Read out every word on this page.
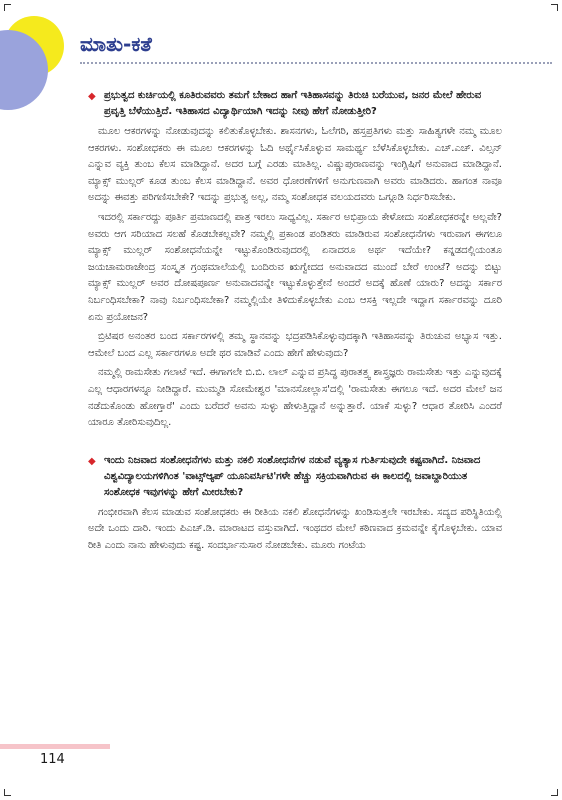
ಮಾತು-ಕತೆ
◆ ಪ್ರಭುತ್ವದ ಕುರ್ಚಿಯಲ್ಲಿ ಕೂತಿರುವವರು ತಮಗೆ ಬೇಕಾದ ಹಾಗೆ ಇತಿಹಾಸವನ್ನು ತಿರುಚಿ ಬರೆಯುವ, ಜನರ ಮೇಲೆ ಹೇರುವ ಪ್ರವೃತ್ತಿ ಬೆಳೆಯುತ್ತಿದೆ. ಇತಿಹಾಸದ ವಿದ್ಯಾರ್ಥಿಯಾಗಿ ಇದನ್ನು ನೀವು ಹೇಗೆ ನೋಡುತ್ತೀರಿ?

ಮೂಲ ಆಕರಗಳನ್ನು ನೋಡುವುದನ್ನು ಕಲಿತುಕೊಳ್ಳಬೇಕು. ಶಾಸನಗಳು, ಓಲೆಗರಿ, ಹಸ್ತಪ್ರತಿಗಳು ಮತ್ತು ಸಾಹಿತ್ಯಗಳೇ ನಮ್ಮ ಮೂಲ ಆಕರಗಳು. ಸಂಶೋಧಕರು ಈ ಮೂಲ ಆಕರಗಳನ್ನು ಓದಿ ಅರ್ಥೈಸಿಕೊಳ್ಳುವ ಸಾಮರ್ಥ್ಯ ಬೆಳೆಸಿಕೊಳ್ಳಬೇಕು. ಎಚ್.ಎಚ್. ವಿಲ್ಸನ್ ಎನ್ನುವ ವ್ಯಕ್ತಿ ತುಂಬ ಕೆಲಸ ಮಾಡಿದ್ದಾನೆ. ಅದರ ಬಗ್ಗೆ ಎರಡು ಮಾತಿಲ್ಲ. ವಿಷ್ಣುಪುರಾಣವನ್ನು ಇಂಗ್ಲಿಷಿಗೆ ಅನುವಾದ ಮಾಡಿದ್ದಾನೆ. ಮ್ಯಾಕ್ಸ್ ಮುಲ್ಲರ್ ಕೂಡ ತುಂಬ ಕೆಲಸ ಮಾಡಿದ್ದಾನೆ. ಅವರ ಧೋರಣೆಗಳಿಗೆ ಅನುಗುಣವಾಗಿ ಅವರು ಮಾಡಿದರು. ಹಾಗಂತ ನಾವೂ ಅದನ್ನು ಈವತ್ತು ಪರಿಗಣಿಸಬೇಕೇ? ಇದನ್ನು ಪ್ರಭುತ್ವ ಅಲ್ಲ, ನಮ್ಮ ಸಂಶೋಧಕ ವಲಯದವರು ಒಗ್ಗೂಡಿ ನಿರ್ಧರಿಸಬೇಕು.

ಇದರಲ್ಲಿ ಸರ್ಕಾರದ್ದು ಪೂರ್ತಿ ಪ್ರಮಾಣದಲ್ಲಿ ಪಾತ್ರ ಇರಲು ಸಾಧ್ಯವಿಲ್ಲ. ಸರ್ಕಾರ ಅಭಿಪ್ರಾಯ ಕೇಳೋದು ಸಂಶೋಧಕರನ್ನೇ ಅಲ್ಲವೇ? ಅವರು ಆಗ ಸರಿಯಾದ ಸಲಹೆ ಕೊಡಬೇಕಲ್ಲವೇ? ನಮ್ಮಲ್ಲಿ ಪ್ರಕಾಂಡ ಪಂಡಿತರು ಮಾಡಿರುವ ಸಂಶೋಧನೆಗಳು ಇರುವಾಗ ಈಗಲೂ ಮ್ಯಾಕ್ಸ್ ಮುಲ್ಲರ್ ಸಂಶೋಧನೆಯನ್ನೇ ಇಟ್ಟುಕೊಂಡಿರುವುದರಲ್ಲಿ ಏನಾದರೂ ಅರ್ಥ ಇದೆಯೇ? ಕನ್ನಡದಲ್ಲಿಯಂತೂ ಜಯಚಾಮರಾಜೇಂದ್ರ ಸಂಸ್ಕೃತ ಗ್ರಂಥಮಾಲೆಯಲ್ಲಿ ಬಂದಿರುವ ಋಗ್ವೇದದ ಅನುವಾದದ ಮುಂದೆ ಬೇರೆ ಉಂಟೆ? ಅದನ್ನು ಬಿಟ್ಟು ಮ್ಯಾಕ್ಸ್ ಮುಲ್ಲರ್ ಅವರ ದೋಷಪೂರ್ಣ ಅನುವಾದವನ್ನೇ ಇಟ್ಟುಕೊಳ್ಳುತ್ತೇನೆ ಅಂದರೆ ಅದಕ್ಕೆ ಹೊಣೆ ಯಾರು? ಅದನ್ನು ಸರ್ಕಾರ ನಿರ್ಬಂಧಿಸಬೇಕಾ? ನಾವು ನಿರ್ಬಂಧಿಸಬೇಕಾ? ನಮ್ಮಲ್ಲಿಯೇ ತಿಳಿದುಕೊಳ್ಳಬೇಕು ಎಂಬ ಆಸಕ್ತಿ ಇಲ್ಲದೇ ಇದ್ದಾಗ ಸರ್ಕಾರವನ್ನು ದೂರಿ ಏನು ಪ್ರಯೋಜನ?

ಬ್ರಿಟಿಷರ ಅನಂತರ ಬಂದ ಸರ್ಕಾರಗಳಲ್ಲಿ ತಮ್ಮ ಸ್ಥಾನವನ್ನು ಭದ್ರಪಡಿಸಿಕೊಳ್ಳುವುದಕ್ಕಾಗಿ ಇತಿಹಾಸವನ್ನು ತಿರುಚುವ ಅಭ್ಯಾಸ ಇತ್ತು. ಆಮೇಲೆ ಬಂದ ಎಲ್ಲ ಸರ್ಕಾರಗಳೂ ಅದೇ ಥರ ಮಾಡಿವೆ ಎಂದು ಹೇಗೆ ಹೇಳುವುದು?

ನಮ್ಮಲ್ಲಿ ರಾಮಸೇತು ಗಲಾಟೆ ಇದೆ. ಈಗಾಗಲೇ ಬಿ.ಬಿ. ಲಾಲ್ ಎನ್ನುವ ಪ್ರಸಿದ್ಧ ಪುರಾತತ್ತ್ವ ಶಾಸ್ತ್ರಜ್ಞರು ರಾಮಸೇತು ಇತ್ತು ಎನ್ನುವುದಕ್ಕೆ ಎಲ್ಲ ಆಧಾರಗಳನ್ನೂ ನೀಡಿದ್ದಾರೆ. ಮುಮ್ಮಡಿ ಸೋಮೇಶ್ವರ 'ಮಾನಸೋಲ್ಲಾಸ'ದಲ್ಲಿ 'ರಾಮಸೇತು ಈಗಲೂ ಇದೆ. ಅದರ ಮೇಲೆ ಜನ ನಡೆದುಕೊಂಡು ಹೋಗ್ತಾರೆ' ಎಂದು ಬರೆದರೆ ಅವನು ಸುಳ್ಳು ಹೇಳುತ್ತಿದ್ದಾನೆ ಅನ್ನುತ್ತಾರೆ. ಯಾಕೆ ಸುಳ್ಳು? ಆಧಾರ ತೋರಿಸಿ ಎಂದರೆ ಯಾರೂ ತೋರಿಸುವುದಿಲ್ಲ.

◆ ಇಂದು ನಿಜವಾದ ಸಂಶೋಧನೆಗಳು ಮತ್ತು ನಕಲಿ ಸಂಶೋಧನೆಗಳ ನಡುವೆ ವ್ಯತ್ಯಾಸ ಗುರ್ತಿಸುವುದೇ ಕಷ್ಟವಾಗಿದೆ. ನಿಜವಾದ ವಿಶ್ವವಿದ್ಯಾಲಯಗಳಿಗಿಂತ 'ವಾಟ್ಸ್‌ಆ್ಯಪ್ ಯೂನಿವರ್ಸಿಟಿ'ಗಳೇ ಹೆಚ್ಚು ಸಕ್ರಿಯವಾಗಿರುವ ಈ ಕಾಲದಲ್ಲಿ ಜವಾಬ್ದಾರಿಯುತ ಸಂಶೋಧಕ ಇವುಗಳನ್ನು ಹೇಗೆ ಮೀರಬೇಕು?

ಗಂಭೀರವಾಗಿ ಕೆಲಸ ಮಾಡುವ ಸಂಶೋಧಕರು ಈ ರೀತಿಯ ನಕಲಿ ಶೋಧನೆಗಳನ್ನು ಖಂಡಿಸುತ್ತಲೇ ಇರಬೇಕು. ಸದ್ಯದ ಪರಿಸ್ಥಿತಿಯಲ್ಲಿ ಅದೇ ಒಂದು ದಾರಿ. ಇಂದು ಪಿಎಚ್.ಡಿ. ಮಾರಾಟದ ವಸ್ತುವಾಗಿದೆ. ಇಂಥದರ ಮೇಲೆ ಕಠಿಣವಾದ ಕ್ರಮವನ್ನೇ ಕೈಗೊಳ್ಳಬೇಕು. ಯಾವ ರೀತಿ ಎಂದು ನಾನು ಹೇಳುವುದು ಕಷ್ಟ. ಸಂದರ್ಭಾನುಸಾರ ನೋಡಬೇಕು. ಮೂರು ಗಂಟೆಯ

114
